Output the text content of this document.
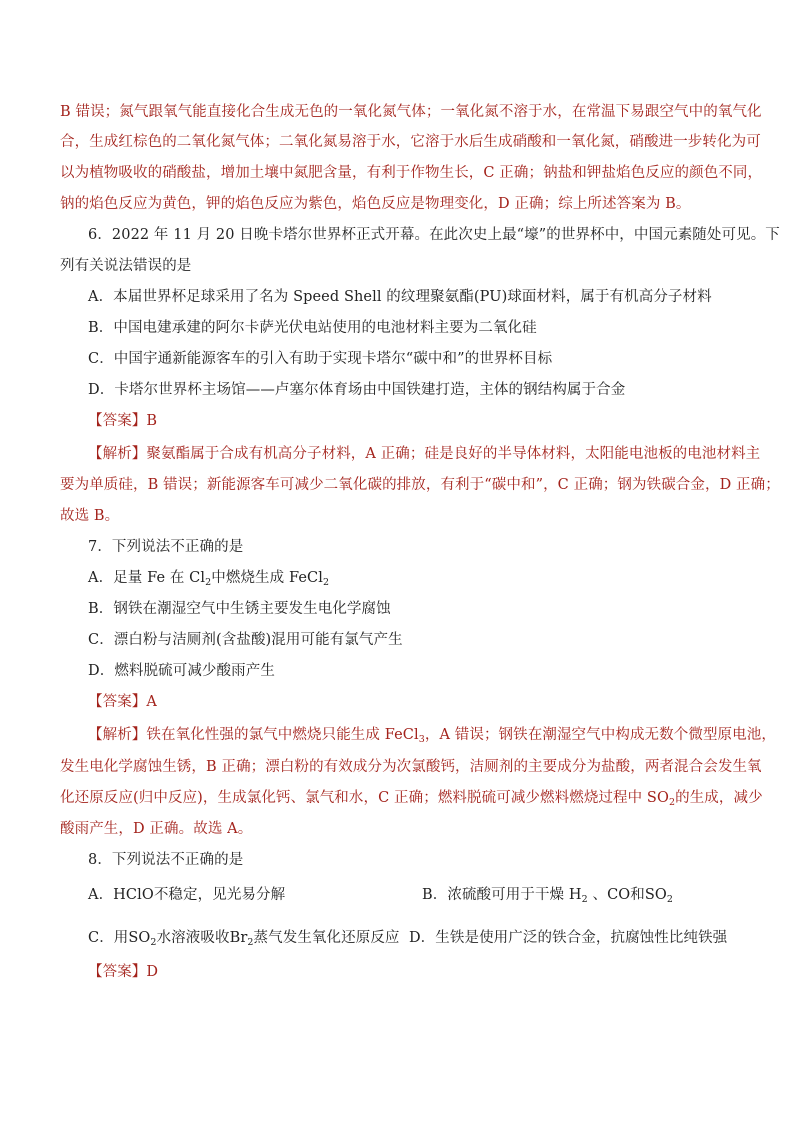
B 错误；氮气跟氧气能直接化合生成无色的一氧化氮气体；一氧化氮不溶于水，在常温下易跟空气中的氧气化
合，生成红棕色的二氧化氮气体；二氧化氮易溶于水，它溶于水后生成硝酸和一氧化氮，硝酸进一步转化为可
以为植物吸收的硝酸盐，增加土壤中氮肥含量，有利于作物生长，C 正确；钠盐和钾盐焰色反应的颜色不同，
钠的焰色反应为黄色，钾的焰色反应为紫色，焰色反应是物理变化，D 正确；综上所述答案为 B。
6．2022 年 11 月 20 日晚卡塔尔世界杯正式开幕。在此次史上最“壕”的世界杯中，中国元素随处可见。下
列有关说法错误的是
A．本届世界杯足球采用了名为 Speed Shell 的纹理聚氨酯(PU)球面材料，属于有机高分子材料
B．中国电建承建的阿尔卡萨光伏电站使用的电池材料主要为二氧化硅
C．中国宇通新能源客车的引入有助于实现卡塔尔“碳中和”的世界杯目标
D．卡塔尔世界杯主场馆——卢塞尔体育场由中国铁建打造，主体的钢结构属于合金
【答案】B
【解析】聚氨酯属于合成有机高分子材料，A 正确；硅是良好的半导体材料，太阳能电池板的电池材料主
要为单质硅，B 错误；新能源客车可减少二氧化碳的排放，有利于“碳中和”，C 正确；钢为铁碳合金，D 正确；
故选 B。
7．下列说法不正确的是
A．足量 Fe 在 $Cl_2$中燃烧生成 FeCl$_2$
B．钢铁在潮湿空气中生锈主要发生电化学腐蚀
C．漂白粉与洁厕剂(含盐酸)混用可能有氯气产生
D．燃料脱硫可减少酸雨产生
【答案】A
【解析】铁在氧化性强的氯气中燃烧只能生成 FeCl$_3$，A 错误；钢铁在潮湿空气中构成无数个微型原电池，
发生电化学腐蚀生锈，B 正确；漂白粉的有效成分为次氯酸钙，洁厕剂的主要成分为盐酸，两者混合会发生氧
化还原反应(归中反应)，生成氯化钙、氯气和水，C 正确；燃料脱硫可减少燃料燃烧过程中 $SO_2$的生成，减少
酸雨产生，D 正确。故选 A。
8．下列说法不正确的是
A．HClO不稳定，见光易分解	B．浓硫酸可用于干燥 $H_2$ 、CO和$SO_2$
C．用$SO_2$水溶液吸收$Br_2$蒸气发生氧化还原反应 D．生铁是使用广泛的铁合金，抗腐蚀性比纯铁强
【答案】D
